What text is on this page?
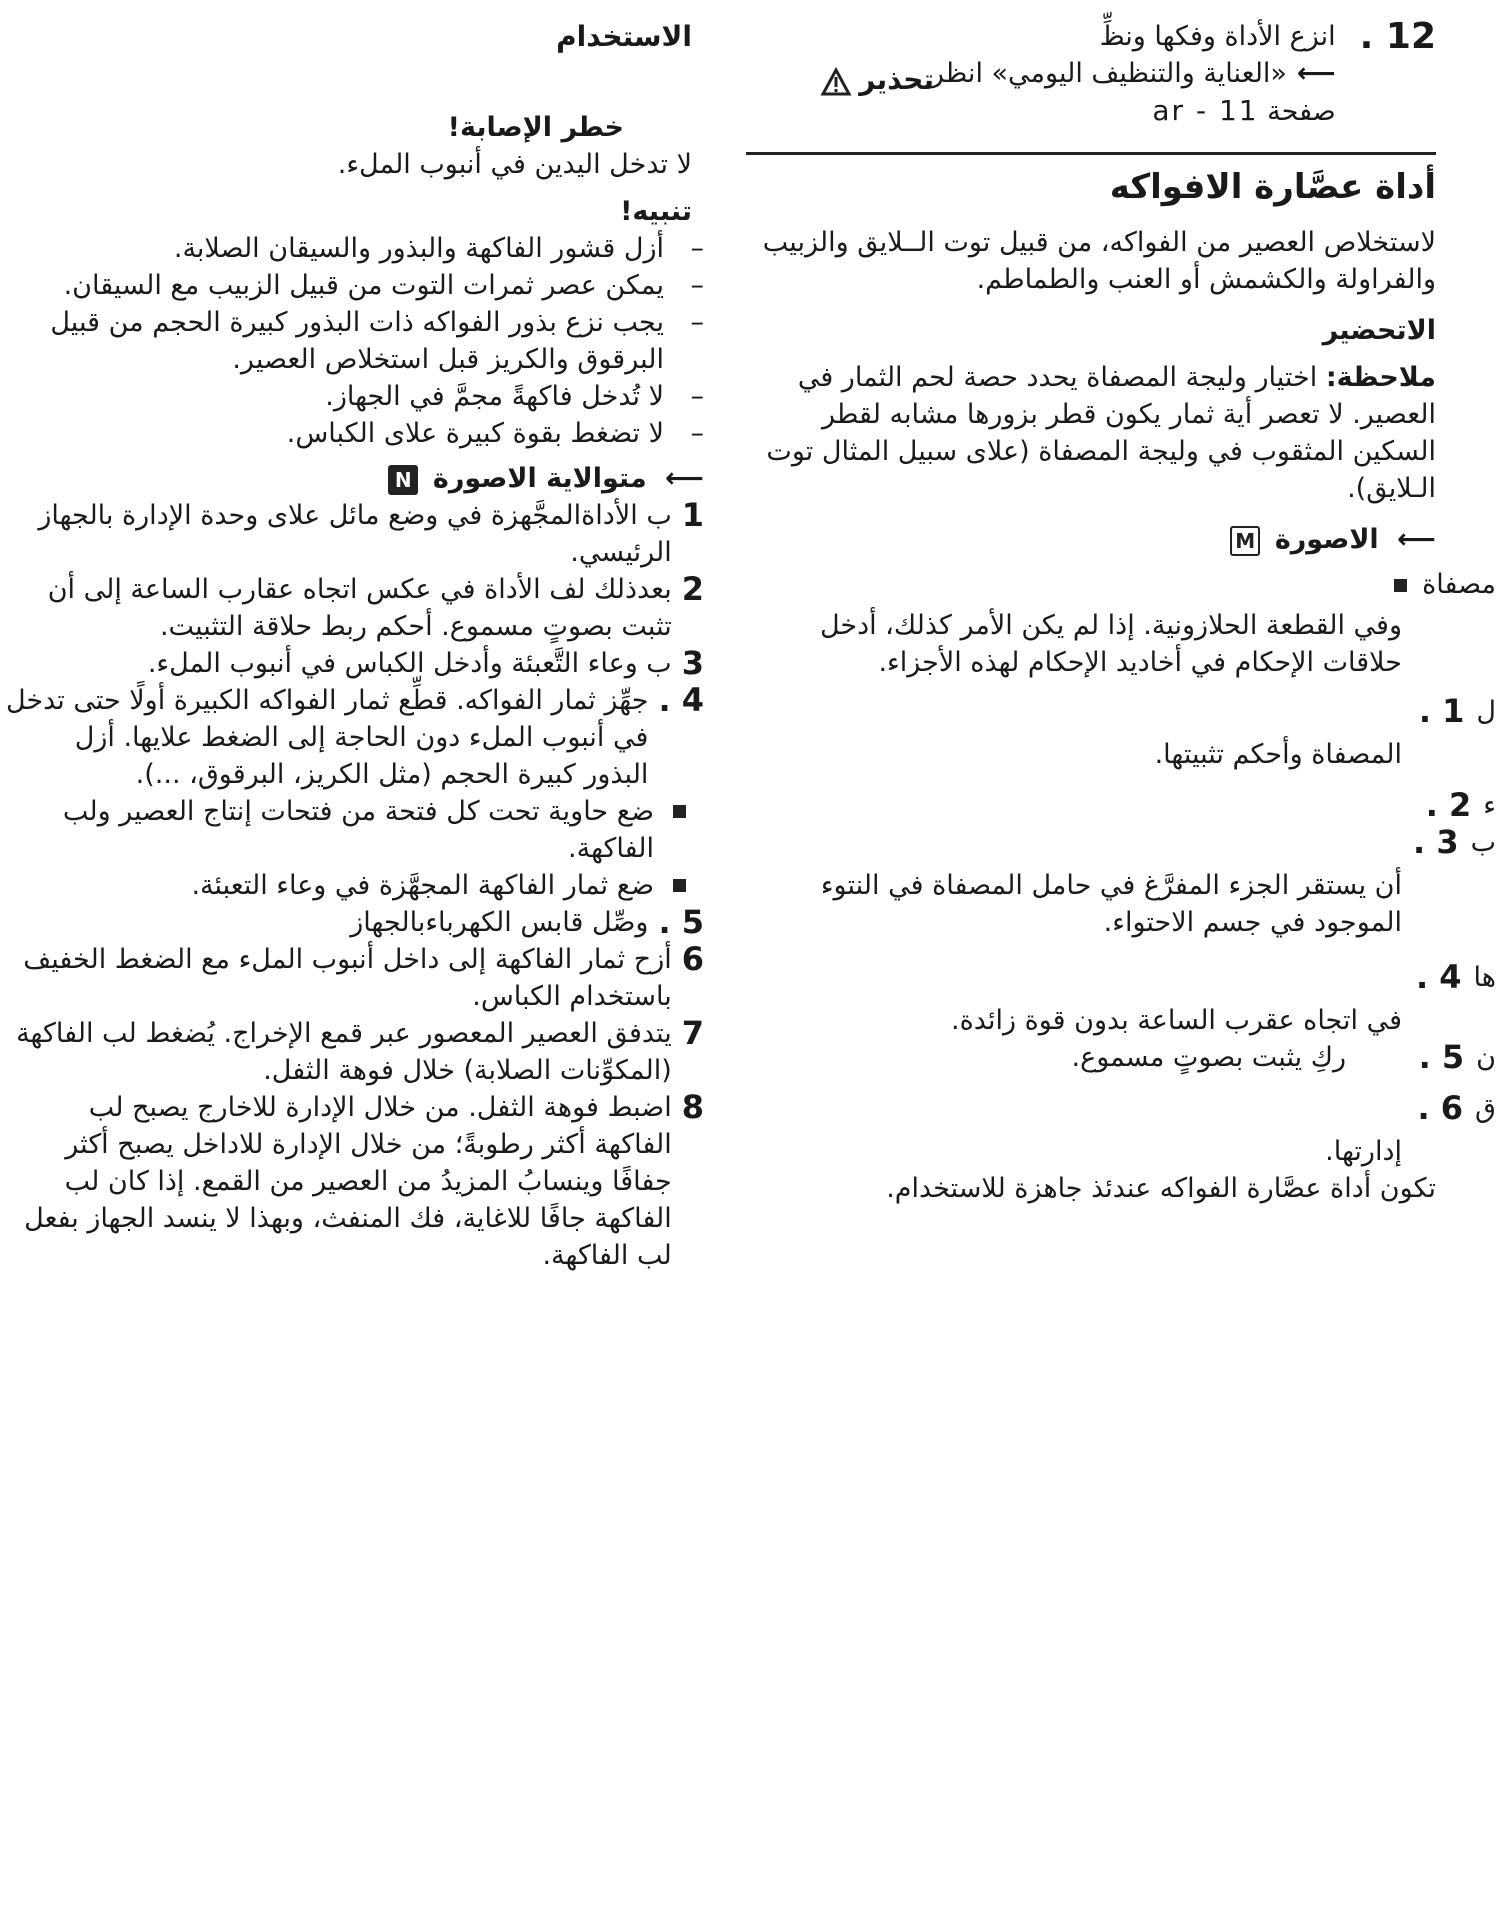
12 .

انزع الأداة وفكها ونظِّ

⟵«العناية والتنظيف اليومي» انظر

صفحة ar - 11

أداة عصَّارة الافواكه

لاستخلاص العصير من الفواكه، من قبيل توت الــلايق والزبيب والفراولة والكشمش أو العنب والطماطم.

الاتحضير

ملاحظة: اختيار وليجة المصفاة يحدد حصة لحم الثمار في العصير. لا تعصر أية ثمار يكون قطر بزورها مشابه لقطر السكين المثقوب في وليجة المصفاة (علاى سبيل المثال توت الـلايق).

⟵ الاصورة M

مصفاة

وفي القطعة الحلازونية. إذا لم يكن الأمر كذلك، أدخل حلاقات الإحكام في أخاديد الإحكام لهذه الأجزاء.

ل
1 .

المصفاة وأحكم تثبيتها.

ء
2 .
ب
3 .

أن يستقر الجزء المفرَّغ في حامل المصفاة في النتوء الموجود في جسم الاحتواء.

ها
4 .

في اتجاه عقرب الساعة بدون قوة زائدة.

ن
5 .
ركِ يثبت بصوتٍ مسموع.
ق
6 .

إدارتها.

تكون أداة عصَّارة الفواكه عندئذ جاهزة للاستخدام.

الاستخدام
تحذير
خطر الإصابة!

لا تدخل اليدين في أنبوب الملء.

تنبيه!
–
أزل قشور الفاكهة والبذور والسيقان الصلابة.
–
يمكن عصر ثمرات التوت من قبيل الزبيب مع السيقان.
–
يجب نزع بذور الفواكه ذات البذور كبيرة الحجم من قبيل البرقوق والكريز قبل استخلاص العصير.
–
لا تُدخل فاكهةً مجمَّ في الجهاز.
–
لا تضغط بقوة كبيرة علاى الكباس.

⟵ متوالاية الاصورة N

1
ب الأداةالمجَّهزة في وضع مائل علاى وحدة الإدارة بالجهاز الرئيسي.
2
بعدذلك لف الأداة في عكس اتجاه عقارب الساعة إلى أن تثبت بصوتٍ مسموع. أحكم ربط حلاقة التثبيت.
3
ب وعاء التَّعبئة وأدخل الكباس في أنبوب الملء.
4 .
جهِّز ثمار الفواكه. قطِّع ثمار الفواكه الكبيرة أولًا حتى تدخل في أنبوب الملء دون الحاجة إلى الضغط علايها. أزل البذور كبيرة الحجم (مثل الكريز، البرقوق، ...).
ضع حاوية تحت كل فتحة من فتحات إنتاج العصير ولب الفاكهة.
ضع ثمار الفاكهة المجهَّزة في وعاء التعبئة.
5 .
وصِّل قابس الكهرباءبالجهاز
6
أزح ثمار الفاكهة إلى داخل أنبوب الملء مع الضغط الخفيف باستخدام الكباس.
7
يتدفق العصير المعصور عبر قمع الإخراج. يُضغط لب الفاكهة (المكوِّنات الصلابة) خلال فوهة الثفل.
8
اضبط فوهة الثفل. من خلال الإدارة للاخارج يصبح لب الفاكهة أكثر رطوبةً؛ من خلال الإدارة للاداخل يصبح أكثر جفافًا وينسابُ المزيدُ من العصير من القمع. إذا كان لب الفاكهة جافًا للاغاية، فك المنفث، وبهذا لا ينسد الجهاز بفعل لب الفاكهة.
